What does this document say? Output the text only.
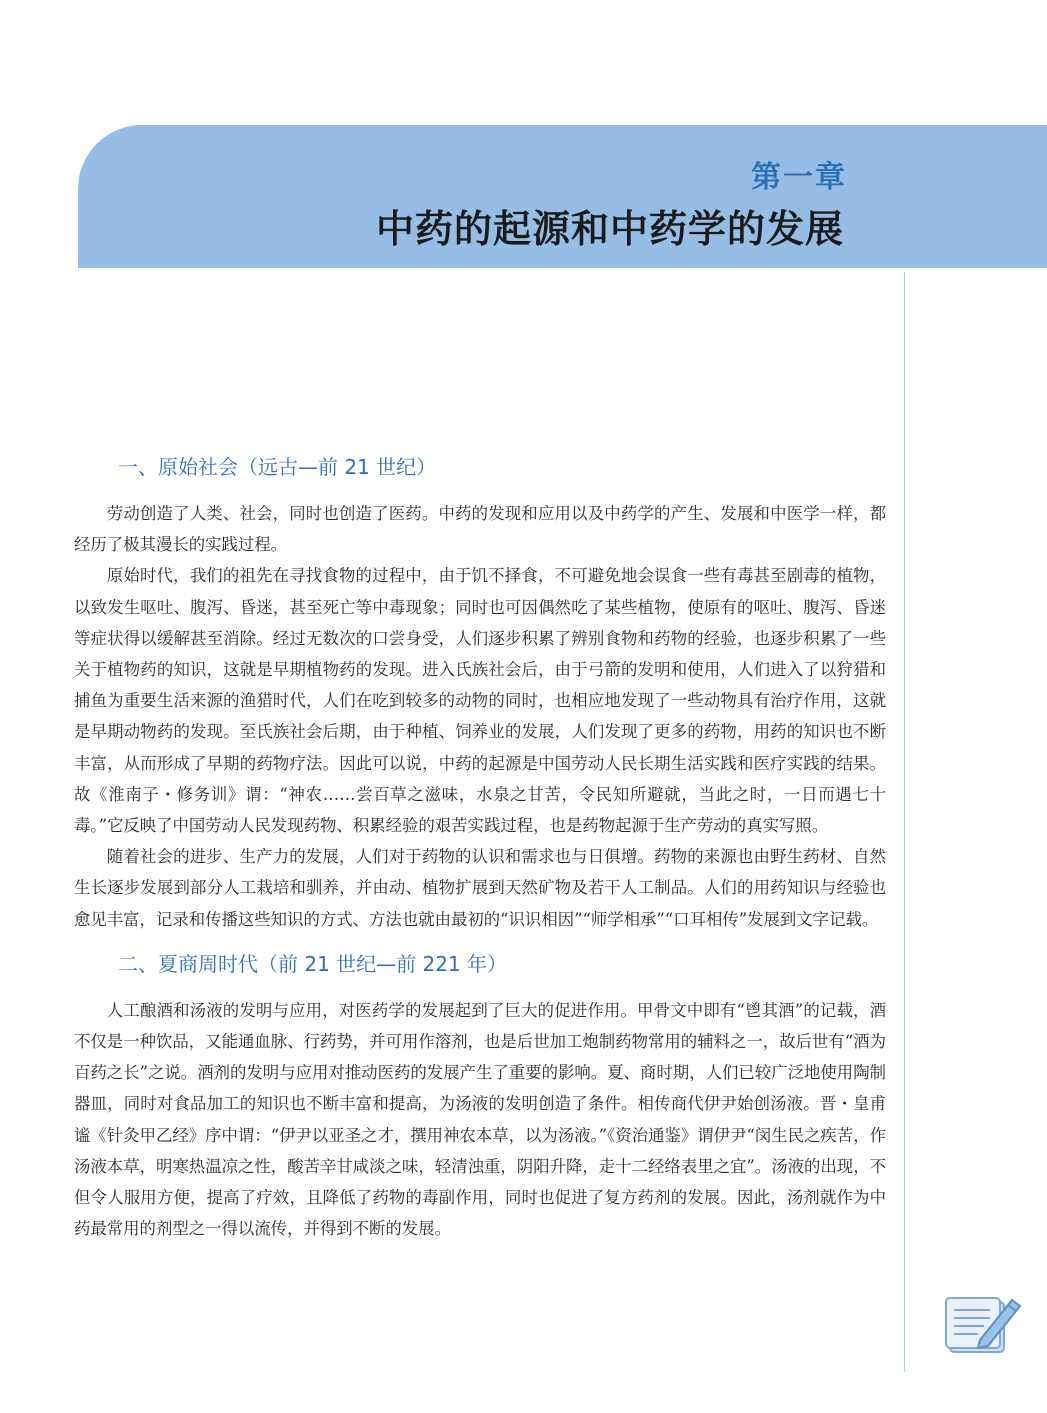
第一章
中药的起源和中药学的发展
一、原始社会（远古—前 21 世纪）

劳动创造了人类、社会，同时也创造了医药。中药的发现和应用以及中药学的产生、发展和中医学一样，都经历了极其漫长的实践过程。

原始时代，我们的祖先在寻找食物的过程中，由于饥不择食，不可避免地会误食一些有毒甚至剧毒的植物，以致发生呕吐、腹泻、昏迷，甚至死亡等中毒现象；同时也可因偶然吃了某些植物，使原有的呕吐、腹泻、昏迷等症状得以缓解甚至消除。经过无数次的口尝身受，人们逐步积累了辨别食物和药物的经验，也逐步积累了一些关于植物药的知识，这就是早期植物药的发现。进入氏族社会后，由于弓箭的发明和使用，人们进入了以狩猎和捕鱼为重要生活来源的渔猎时代，人们在吃到较多的动物的同时，也相应地发现了一些动物具有治疗作用，这就是早期动物药的发现。至氏族社会后期，由于种植、饲养业的发展，人们发现了更多的药物，用药的知识也不断丰富，从而形成了早期的药物疗法。因此可以说，中药的起源是中国劳动人民长期生活实践和医疗实践的结果。故《淮南子・修务训》谓：“神农……尝百草之滋味，水泉之甘苦，令民知所避就，当此之时，一日而遇七十毒。”它反映了中国劳动人民发现药物、积累经验的艰苦实践过程，也是药物起源于生产劳动的真实写照。

随着社会的进步、生产力的发展，人们对于药物的认识和需求也与日俱增。药物的来源也由野生药材、自然生长逐步发展到部分人工栽培和驯养，并由动、植物扩展到天然矿物及若干人工制品。人们的用药知识与经验也愈见丰富，记录和传播这些知识的方式、方法也就由最初的“识识相因”“师学相承”“口耳相传”发展到文字记载。

二、夏商周时代（前 21 世纪—前 221 年）

人工酿酒和汤液的发明与应用，对医药学的发展起到了巨大的促进作用。甲骨文中即有“鬯其酒”的记载，酒不仅是一种饮品，又能通血脉、行药势，并可用作溶剂，也是后世加工炮制药物常用的辅料之一，故后世有“酒为百药之长”之说。酒剂的发明与应用对推动医药的发展产生了重要的影响。夏、商时期，人们已较广泛地使用陶制器皿，同时对食品加工的知识也不断丰富和提高，为汤液的发明创造了条件。相传商代伊尹始创汤液。晋・皇甫谧《针灸甲乙经》序中谓：“伊尹以亚圣之才，撰用神农本草，以为汤液。”《资治通鉴》谓伊尹“闵生民之疾苦，作汤液本草，明寒热温凉之性，酸苦辛甘咸淡之味，轻清浊重，阴阳升降，走十二经络表里之宜”。汤液的出现，不但令人服用方便，提高了疗效，且降低了药物的毒副作用，同时也促进了复方药剂的发展。因此，汤剂就作为中药最常用的剂型之一得以流传，并得到不断的发展。
